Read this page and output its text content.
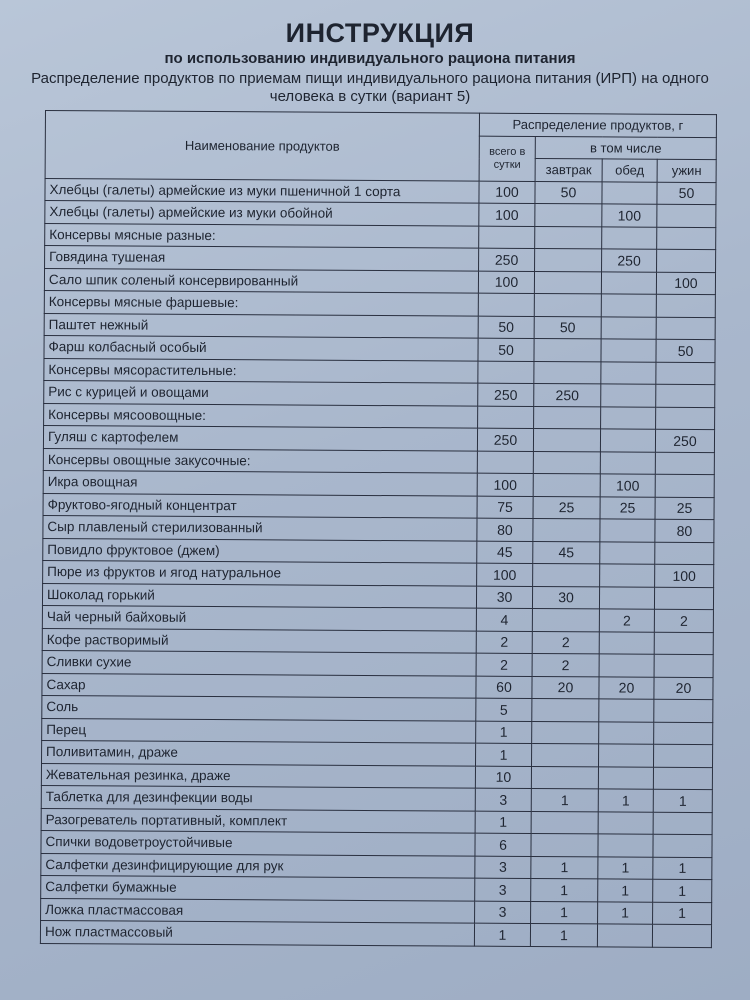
ИНСТРУКЦИЯ
по использованию индивидуального рациона питания
Распределение продуктов по приемам пищи индивидуального рациона питания (ИРП) на одного человека в сутки (вариант 5)
Наименование продуктов	Распределение продуктов, г			
	всего в сутки	в том числе		
		завтрак	обед	ужин
Хлебцы (галеты) армейские из муки пшеничной 1 сорта	100	50		50
Хлебцы (галеты) армейские из муки обойной	100		100	
Консервы мясные разные:				
Говядина тушеная	250		250	
Сало шпик соленый консервированный	100			100
Консервы мясные фаршевые:				
Паштет нежный	50	50		
Фарш колбасный особый	50			50
Консервы мясорастительные:				
Рис с курицей и овощами	250	250		
Консервы мясоовощные:				
Гуляш с картофелем	250			250
Консервы овощные закусочные:				
Икра овощная	100		100	
Фруктово-ягодный концентрат	75	25	25	25
Сыр плавленый стерилизованный	80			80
Повидло фруктовое (джем)	45	45		
Пюре из фруктов и ягод натуральное	100			100
Шоколад горький	30	30		
Чай черный байховый	4		2	2
Кофе растворимый	2	2		
Сливки сухие	2	2		
Сахар	60	20	20	20
Соль	5			
Перец	1			
Поливитамин, драже	1			
Жевательная резинка, драже	10			
Таблетка для дезинфекции воды	3	1	1	1
Разогреватель портативный, комплект	1			
Спички водоветроустойчивые	6			
Салфетки дезинфицирующие для рук	3	1	1	1
Салфетки бумажные	3	1	1	1
Ложка пластмассовая	3	1	1	1
Нож пластмассовый	1	1		
